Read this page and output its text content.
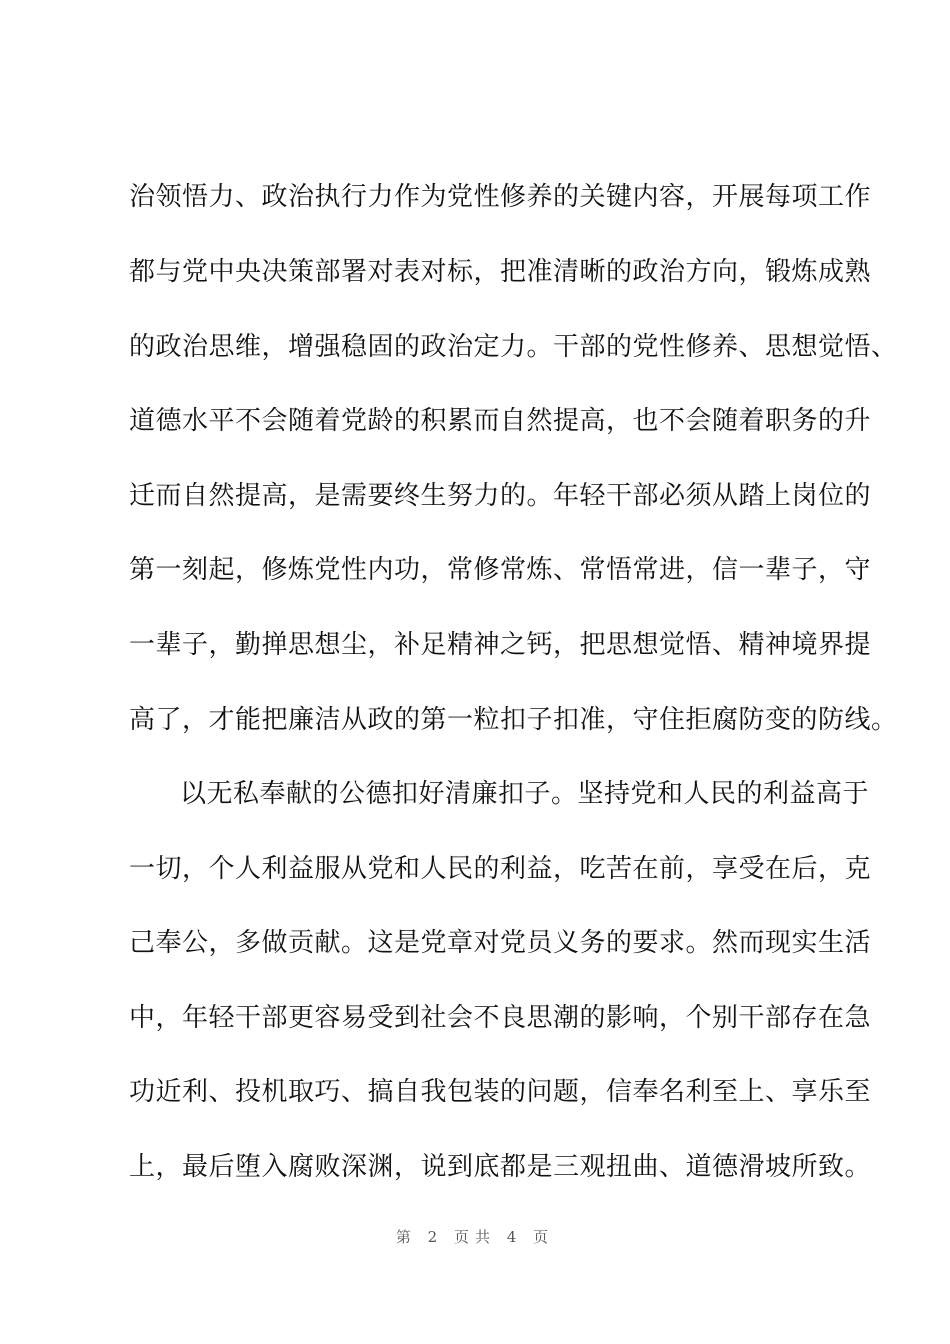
治领悟力、政治执行力作为党性修养的关键内容，开展每项工作
都与党中央决策部署对表对标，把准清晰的政治方向，锻炼成熟
的政治思维，增强稳固的政治定力。干部的党性修养、思想觉悟、
道德水平不会随着党龄的积累而自然提高，也不会随着职务的升
迁而自然提高，是需要终生努力的。年轻干部必须从踏上岗位的
第一刻起，修炼党性内功，常修常炼、常悟常进，信一辈子，守
一辈子，勤掸思想尘，补足精神之钙，把思想觉悟、精神境界提
高了，才能把廉洁从政的第一粒扣子扣准，守住拒腐防变的防线。
以无私奉献的公德扣好清廉扣子。坚持党和人民的利益高于
一切，个人利益服从党和人民的利益，吃苦在前，享受在后，克
己奉公，多做贡献。这是党章对党员义务的要求。然而现实生活
中，年轻干部更容易受到社会不良思潮的影响，个别干部存在急
功近利、投机取巧、搞自我包装的问题，信奉名利至上、享乐至
上，最后堕入腐败深渊，说到底都是三观扭曲、道德滑坡所致。
第 2 页共 4 页
